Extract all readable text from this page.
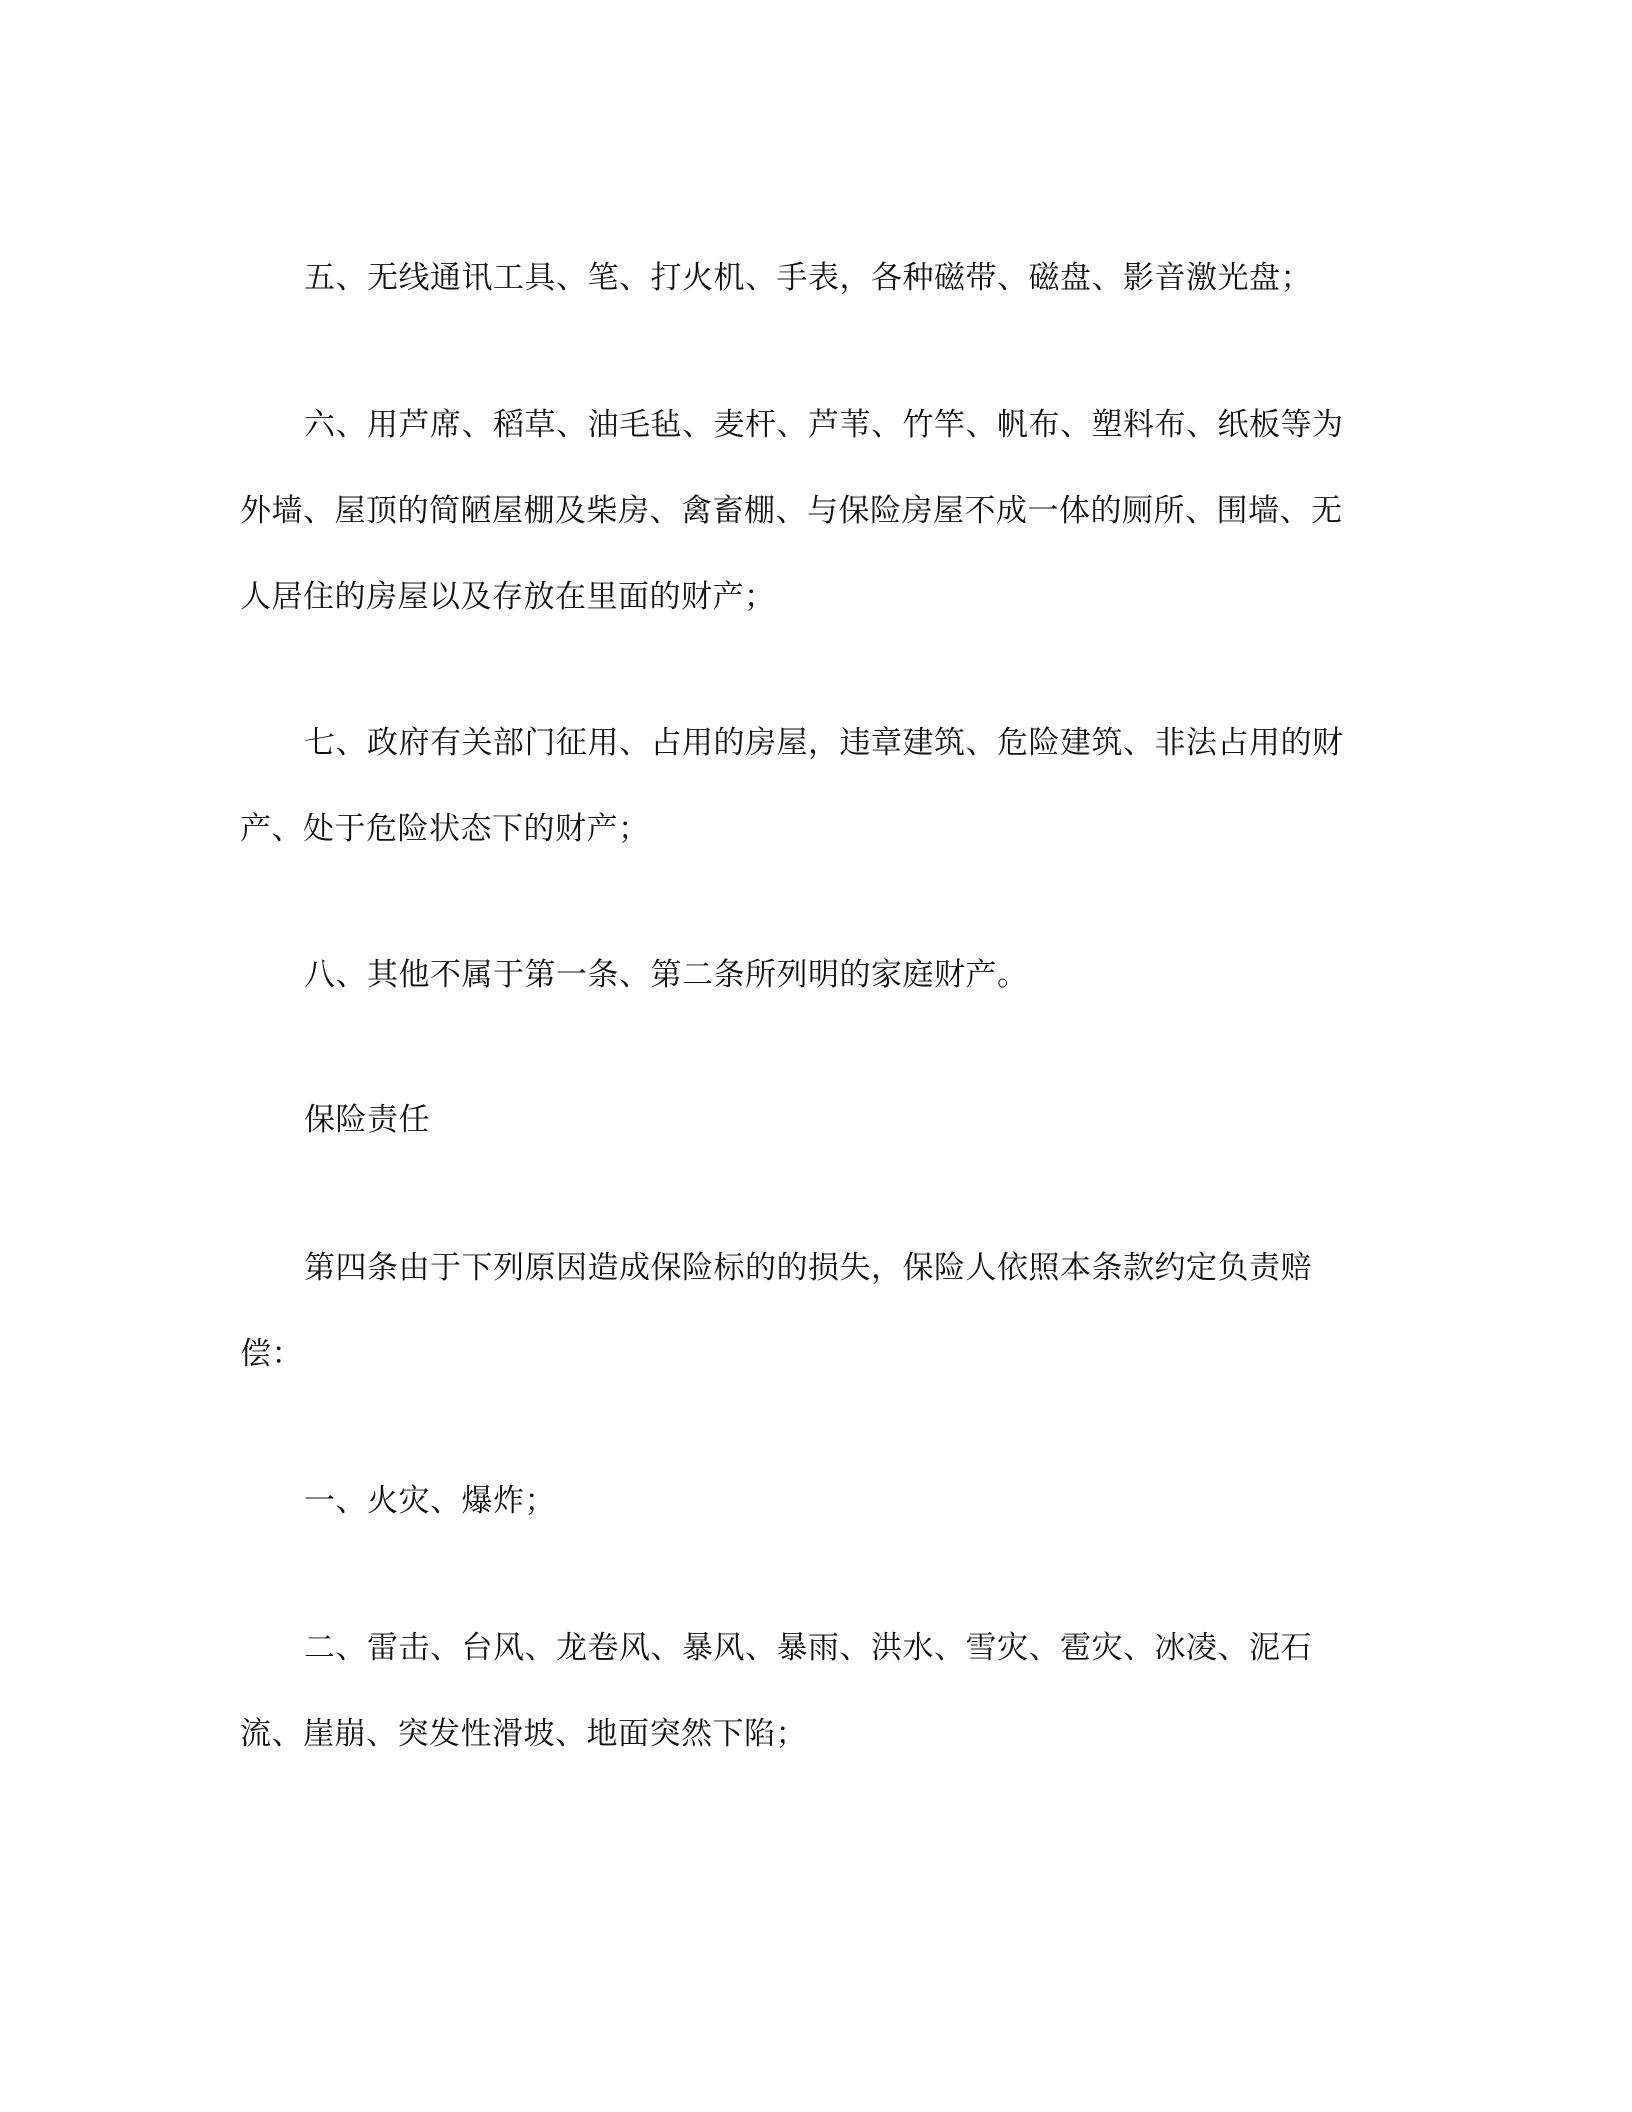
五、无线通讯工具、笔、打火机、手表，各种磁带、磁盘、影音激光盘；

六、用芦席、稻草、油毛毡、麦杆、芦苇、竹竿、帆布、塑料布、纸板等为
外墙、屋顶的简陋屋棚及柴房、禽畜棚、与保险房屋不成一体的厕所、围墙、无
人居住的房屋以及存放在里面的财产；

七、政府有关部门征用、占用的房屋，违章建筑、危险建筑、非法占用的财
产、处于危险状态下的财产；

八、其他不属于第一条、第二条所列明的家庭财产。

保险责任

第四条由于下列原因造成保险标的的损失，保险人依照本条款约定负责赔
偿：

一、火灾、爆炸；

二、雷击、台风、龙卷风、暴风、暴雨、洪水、雪灾、雹灾、冰凌、泥石
流、崖崩、突发性滑坡、地面突然下陷；
